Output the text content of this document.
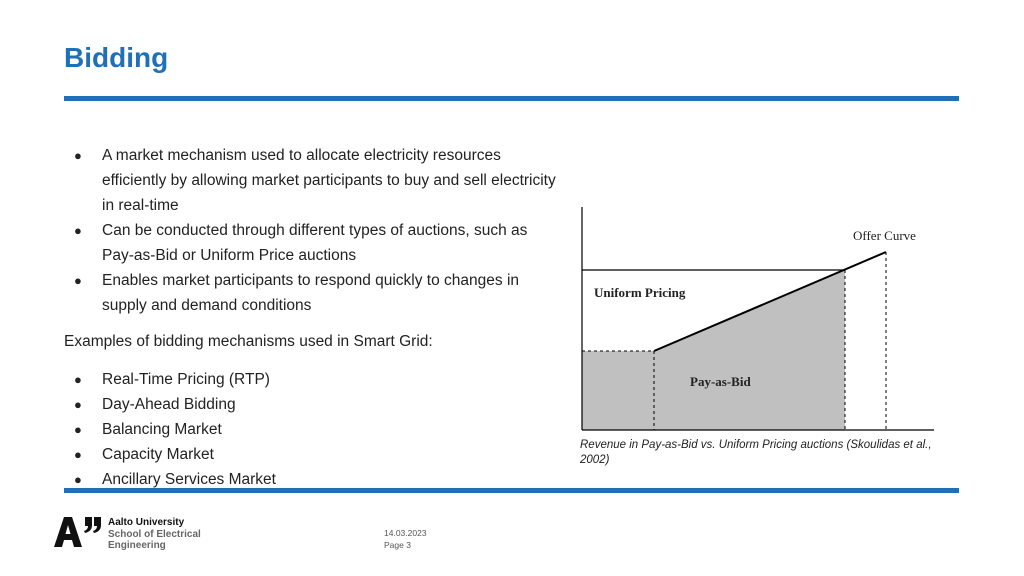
Bidding
● A market mechanism used to allocate electricity resources
efficiently by allowing market participants to buy and sell electricity
in real-time
● Can be conducted through different types of auctions, such as
Pay-as-Bid or Uniform Price auctions
● Enables market participants to respond quickly to changes in
supply and demand conditions

Examples of bidding mechanisms used in Smart Grid:

● Real-Time Pricing (RTP)
● Day-Ahead Bidding
● Balancing Market
● Capacity Market
● Ancillary Services Market
Offer Curve
Uniform Pricing
Pay-as-Bid

Revenue in Pay-as-Bid vs. Uniform Pricing auctions (Skoulidas et al., 2002)

Aalto University
School of Electrical
Engineering
14.03.2023
Page 3
